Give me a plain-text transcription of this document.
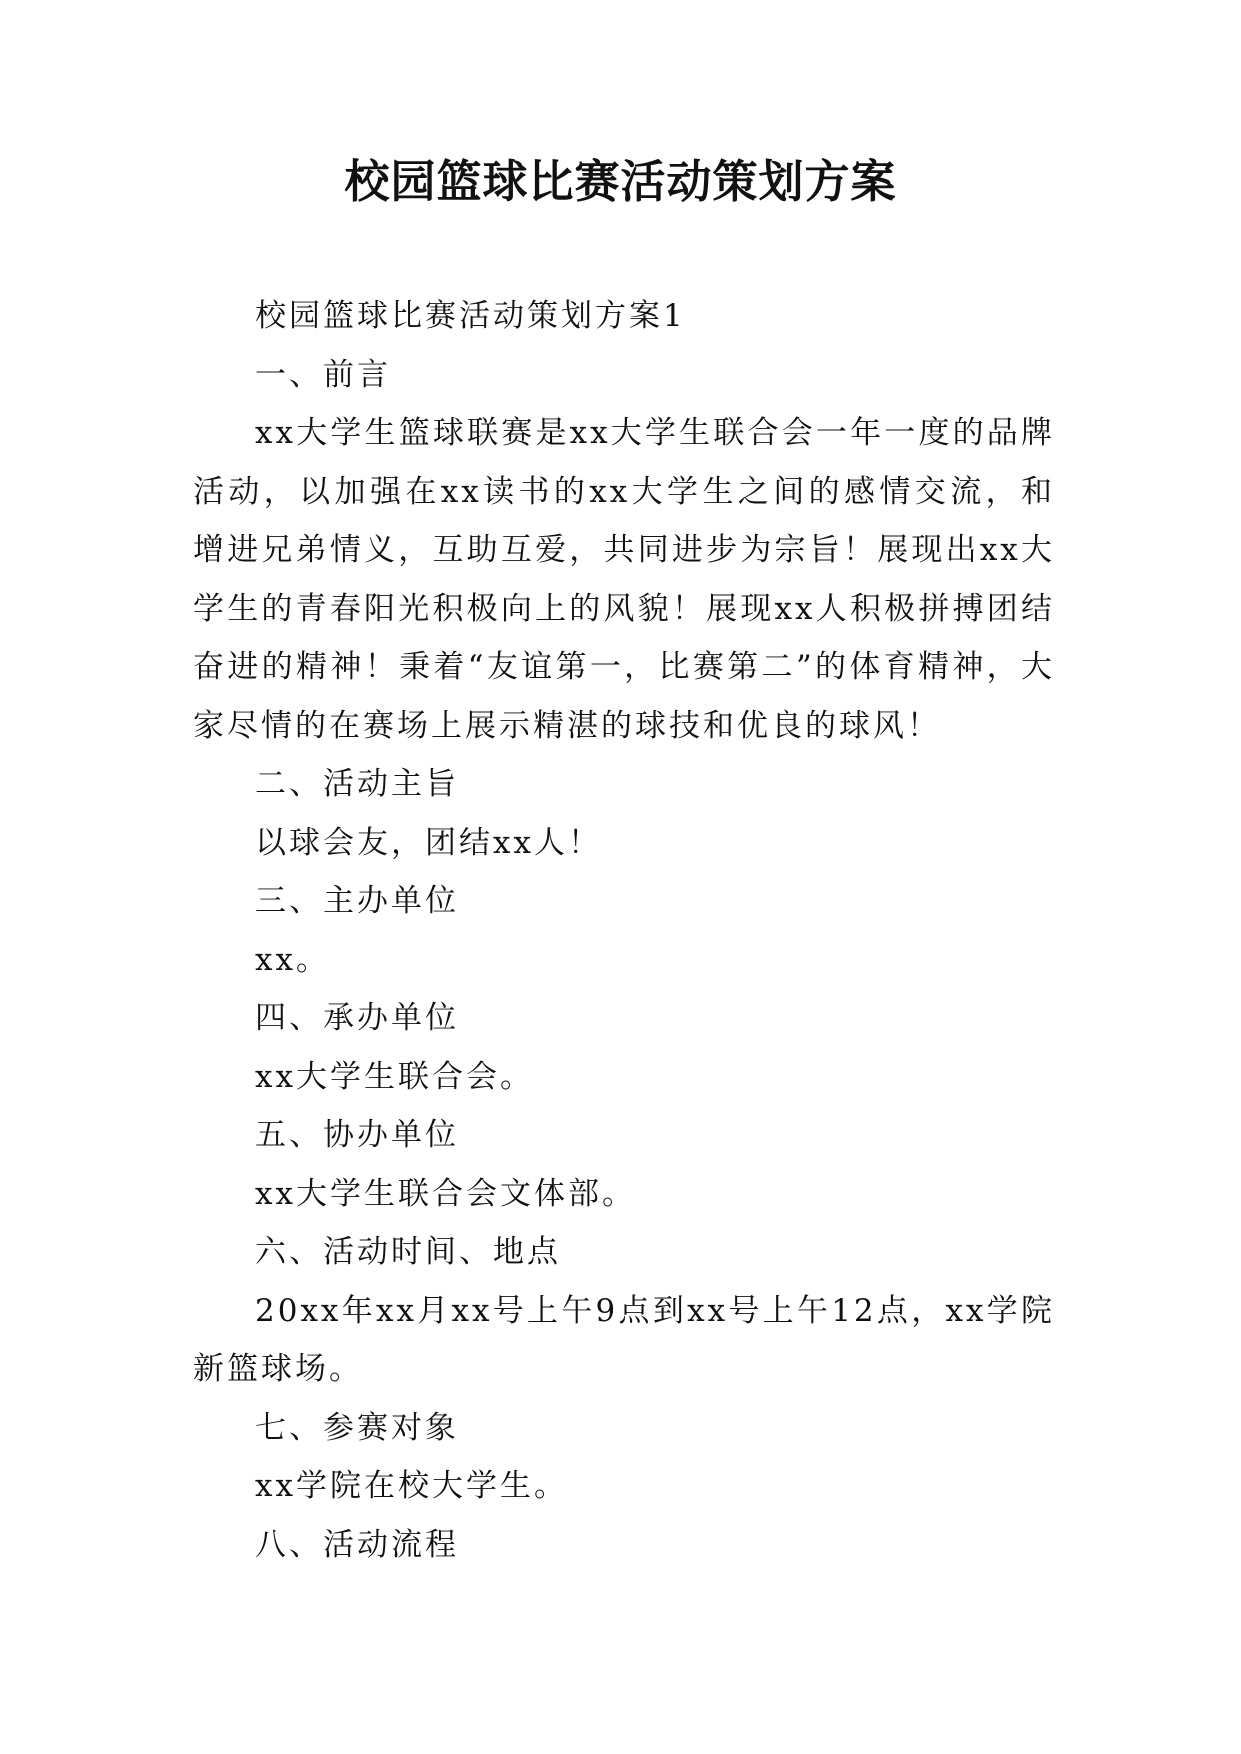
校园篮球比赛活动策划方案

校园篮球比赛活动策划方案1

一、前言

xx大学生篮球联赛是xx大学生联合会一年一度的品牌活动，以加强在xx读书的xx大学生之间的感情交流，和增进兄弟情义，互助互爱，共同进步为宗旨！展现出xx大学生的青春阳光积极向上的风貌！展现xx人积极拼搏团结奋进的精神！秉着“友谊第一，比赛第二”的体育精神，大家尽情的在赛场上展示精湛的球技和优良的球风！

二、活动主旨

以球会友，团结xx人！

三、主办单位

xx。

四、承办单位

xx大学生联合会。

五、协办单位

xx大学生联合会文体部。

六、活动时间、地点

20xx年xx月xx号上午9点到xx号上午12点，xx学院新篮球场。

七、参赛对象

xx学院在校大学生。

八、活动流程
